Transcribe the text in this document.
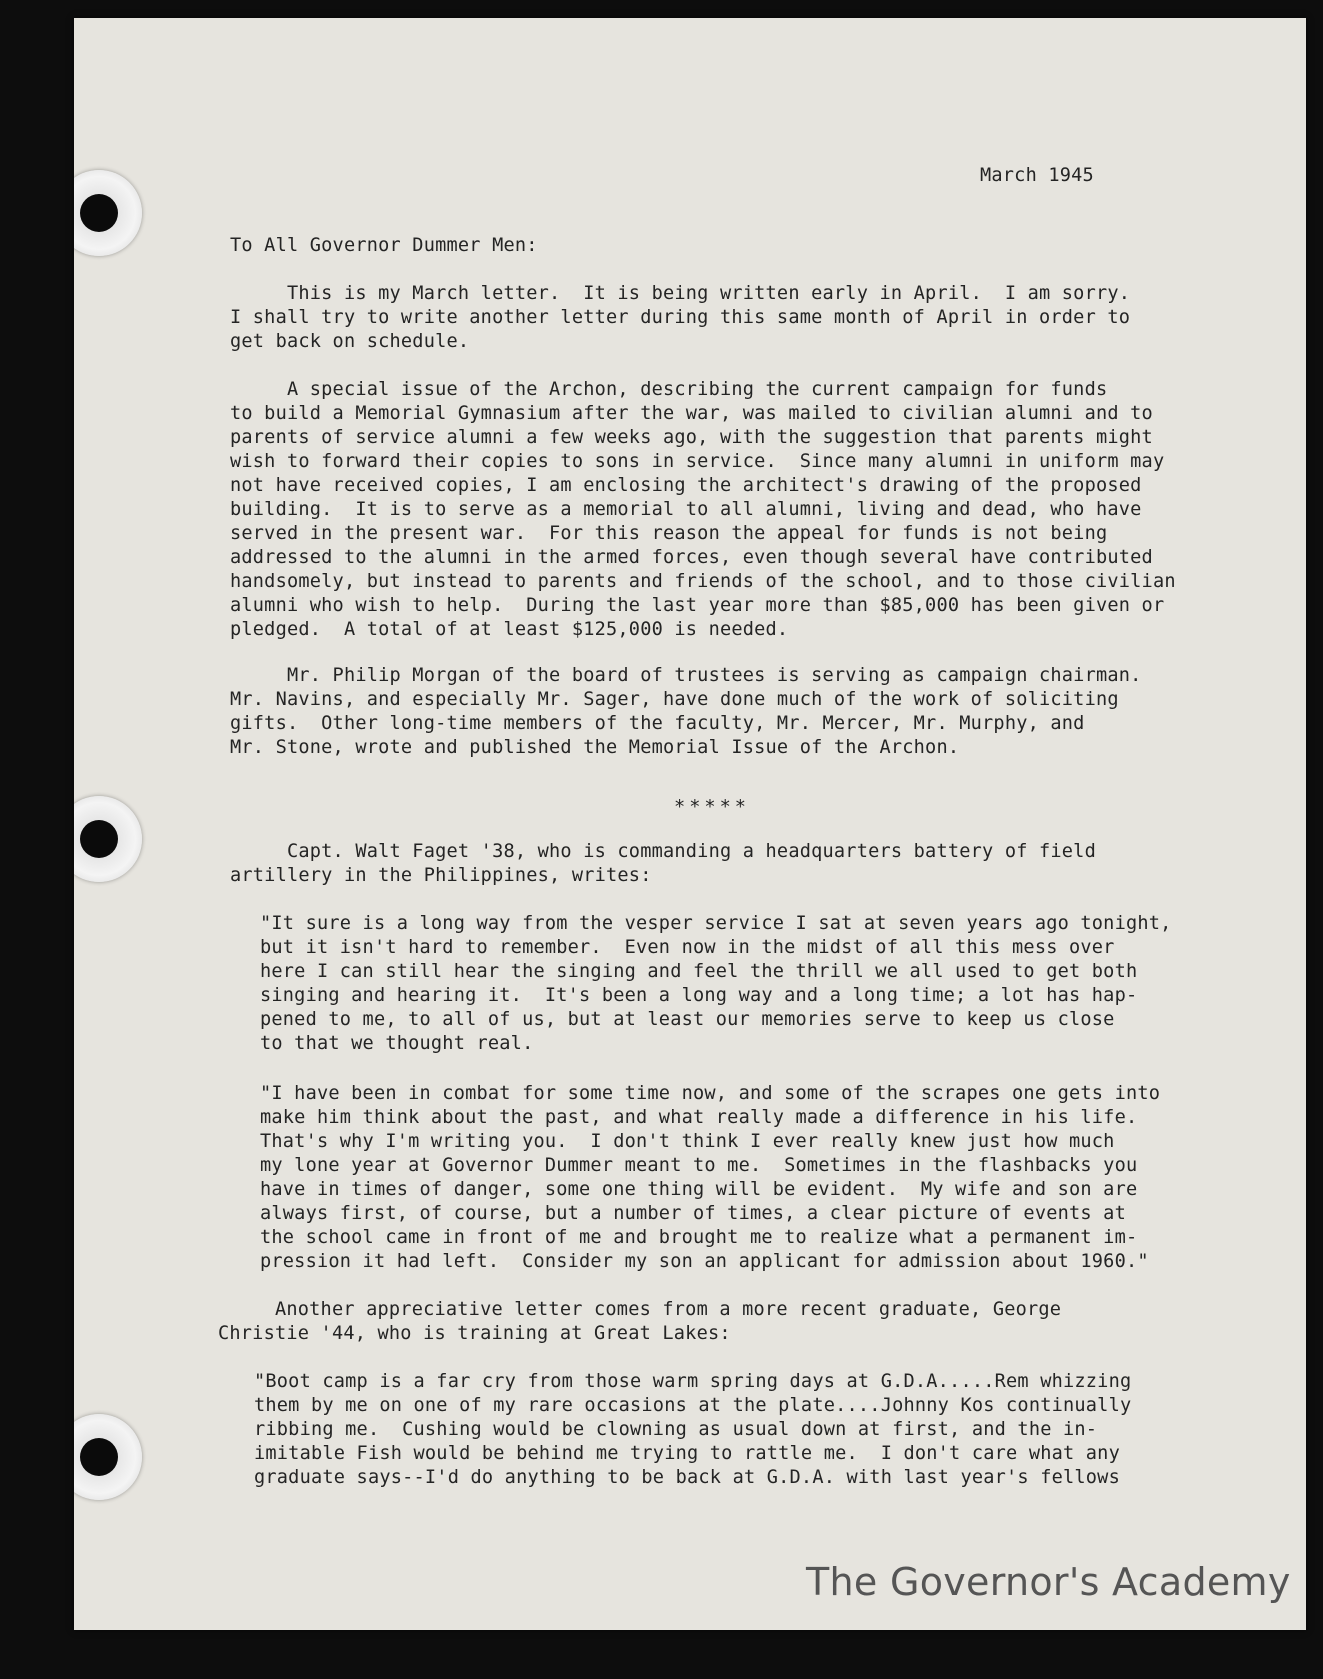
March 1945
To All Governor Dummer Men:
This is my March letter.  It is being written early in April.  I am sorry.
I shall try to write another letter during this same month of April in order to
get back on schedule.
A special issue of the Archon, describing the current campaign for funds
to build a Memorial Gymnasium after the war, was mailed to civilian alumni and to
parents of service alumni a few weeks ago, with the suggestion that parents might
wish to forward their copies to sons in service.  Since many alumni in uniform may
not have received copies, I am enclosing the architect's drawing of the proposed
building.  It is to serve as a memorial to all alumni, living and dead, who have
served in the present war.  For this reason the appeal for funds is not being
addressed to the alumni in the armed forces, even though several have contributed
handsomely, but instead to parents and friends of the school, and to those civilian
alumni who wish to help.  During the last year more than $85,000 has been given or
pledged.  A total of at least $125,000 is needed.
Mr. Philip Morgan of the board of trustees is serving as campaign chairman.
Mr. Navins, and especially Mr. Sager, have done much of the work of soliciting
gifts.  Other long-time members of the faculty, Mr. Mercer, Mr. Murphy, and
Mr. Stone, wrote and published the Memorial Issue of the Archon.
*****
Capt. Walt Faget '38, who is commanding a headquarters battery of field
artillery in the Philippines, writes:
"It sure is a long way from the vesper service I sat at seven years ago tonight,
but it isn't hard to remember.  Even now in the midst of all this mess over
here I can still hear the singing and feel the thrill we all used to get both
singing and hearing it.  It's been a long way and a long time; a lot has hap-
pened to me, to all of us, but at least our memories serve to keep us close
to that we thought real.
"I have been in combat for some time now, and some of the scrapes one gets into
make him think about the past, and what really made a difference in his life.
That's why I'm writing you.  I don't think I ever really knew just how much
my lone year at Governor Dummer meant to me.  Sometimes in the flashbacks you
have in times of danger, some one thing will be evident.  My wife and son are
always first, of course, but a number of times, a clear picture of events at
the school came in front of me and brought me to realize what a permanent im-
pression it had left.  Consider my son an applicant for admission about 1960."
Another appreciative letter comes from a more recent graduate, George
Christie '44, who is training at Great Lakes:
"Boot camp is a far cry from those warm spring days at G.D.A.....Rem whizzing
them by me on one of my rare occasions at the plate....Johnny Kos continually
ribbing me.  Cushing would be clowning as usual down at first, and the in-
imitable Fish would be behind me trying to rattle me.  I don't care what any
graduate says--I'd do anything to be back at G.D.A. with last year's fellows
The Governor's Academy
